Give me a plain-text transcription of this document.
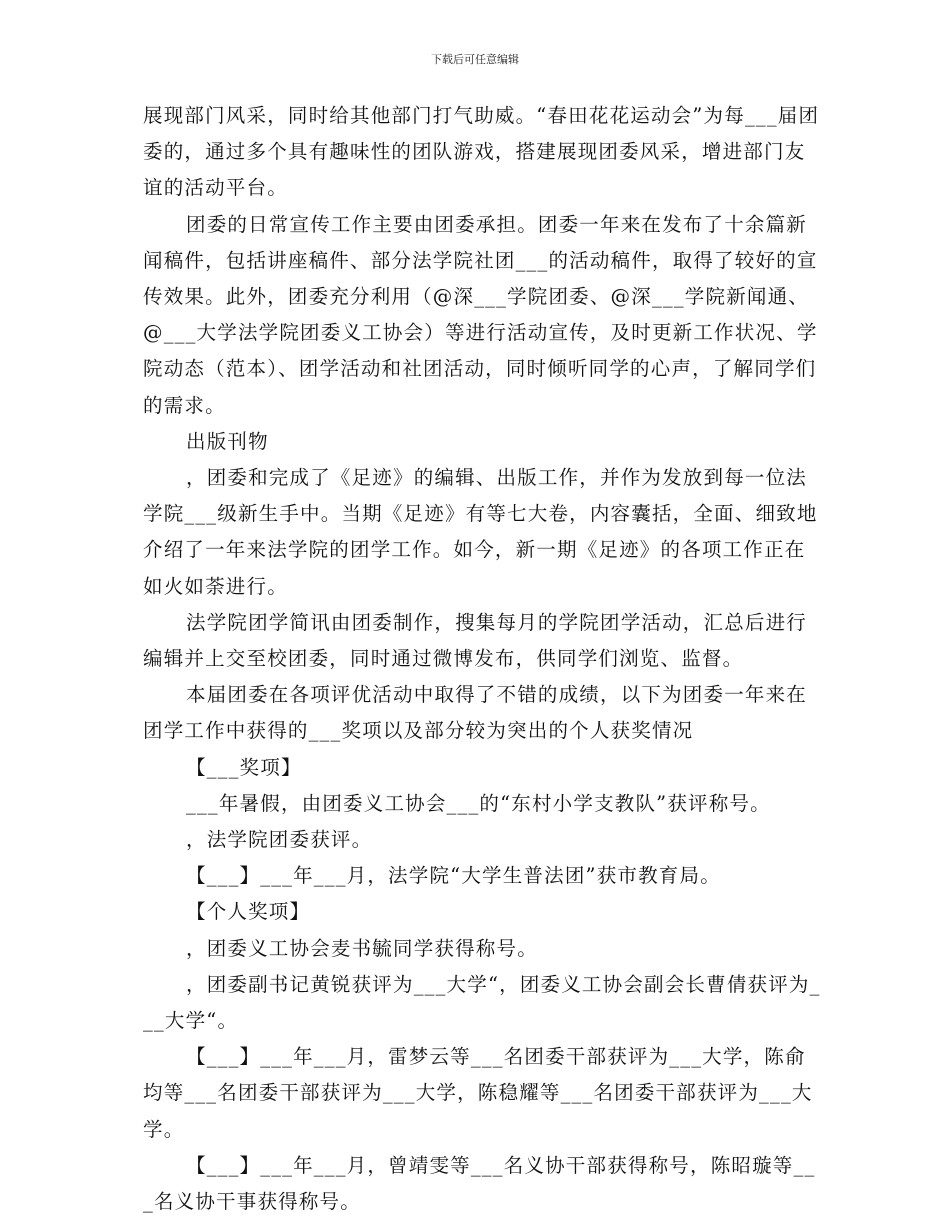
下载后可任意编辑

展现部门风采，同时给其他部门打气助威。“春田花花运动会”为每___届团委的，通过多个具有趣味性的团队游戏，搭建展现团委风采，增进部门友谊的活动平台。

团委的日常宣传工作主要由团委承担。团委一年来在发布了十余篇新闻稿件，包括讲座稿件、部分法学院社团___的活动稿件，取得了较好的宣传效果。此外，团委充分利用（@深___学院团委、@深___学院新闻通、@___大学法学院团委义工协会）等进行活动宣传，及时更新工作状况、学院动态（范本）、团学活动和社团活动，同时倾听同学的心声，了解同学们的需求。

出版刊物

，团委和完成了《足迹》的编辑、出版工作，并作为发放到每一位法学院___级新生手中。当期《足迹》有等七大卷，内容囊括，全面、细致地介绍了一年来法学院的团学工作。如今，新一期《足迹》的各项工作正在如火如荼进行。

法学院团学简讯由团委制作，搜集每月的学院团学活动，汇总后进行编辑并上交至校团委，同时通过微博发布，供同学们浏览、监督。

本届团委在各项评优活动中取得了不错的成绩，以下为团委一年来在团学工作中获得的___奖项以及部分较为突出的个人获奖情况

【___奖项】

___年暑假，由团委义工协会___的“东村小学支教队”获评称号。

，法学院团委获评。

【___】___年___月，法学院“大学生普法团”获市教育局。

【个人奖项】

，团委义工协会麦书毓同学获得称号。

，团委副书记黄锐获评为___大学“，团委义工协会副会长曹倩获评为___大学“。

【___】___年___月，雷梦云等___名团委干部获评为___大学，陈俞均等___名团委干部获评为___大学，陈稳耀等___名团委干部获评为___大学。

【___】___年___月，曾靖雯等___名义协干部获得称号，陈昭璇等___名义协干事获得称号。
